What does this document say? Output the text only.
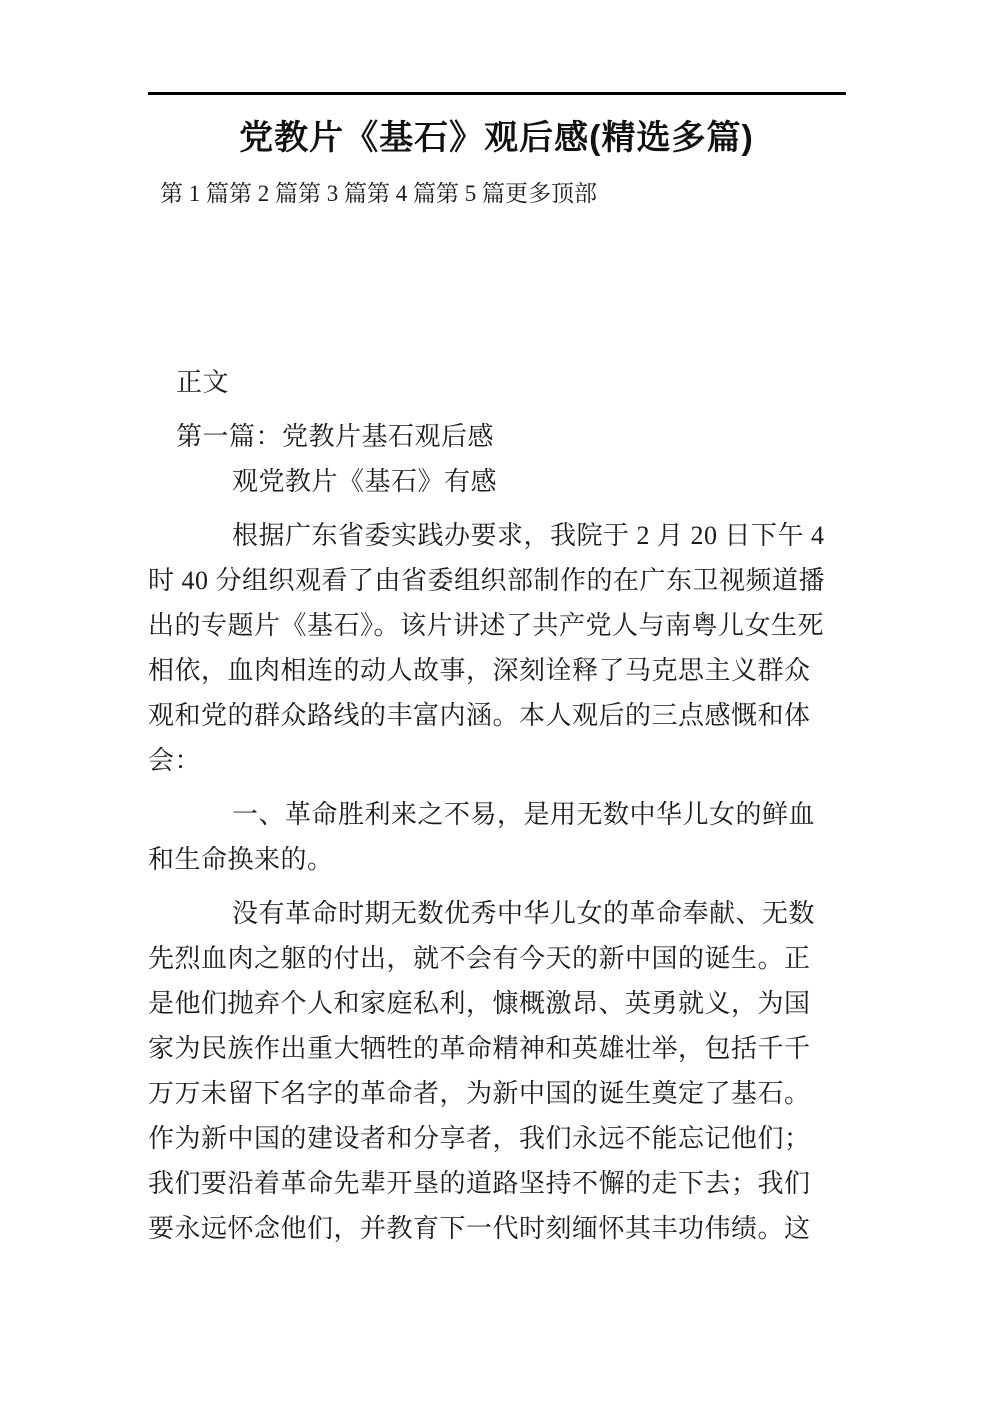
党教片《基石》观后感(精选多篇)
第 1 篇第 2 篇第 3 篇第 4 篇第 5 篇更多顶部
正文
第一篇：党教片基石观后感
观党教片《基石》有感
根据广东省委实践办要求，我院于 2 月 20 日下午 4
时 40 分组织观看了由省委组织部制作的在广东卫视频道播
出的专题片《基石》。该片讲述了共产党人与南粤儿女生死
相依，血肉相连的动人故事，深刻诠释了马克思主义群众
观和党的群众路线的丰富内涵。本人观后的三点感慨和体
会：
一、革命胜利来之不易，是用无数中华儿女的鲜血
和生命换来的。
没有革命时期无数优秀中华儿女的革命奉献、无数
先烈血肉之躯的付出，就不会有今天的新中国的诞生。正
是他们抛弃个人和家庭私利，慷概激昂、英勇就义，为国
家为民族作出重大牺牲的革命精神和英雄壮举，包括千千
万万未留下名字的革命者，为新中国的诞生奠定了基石。
作为新中国的建设者和分享者，我们永远不能忘记他们；
我们要沿着革命先辈开垦的道路坚持不懈的走下去；我们
要永远怀念他们，并教育下一代时刻缅怀其丰功伟绩。这
